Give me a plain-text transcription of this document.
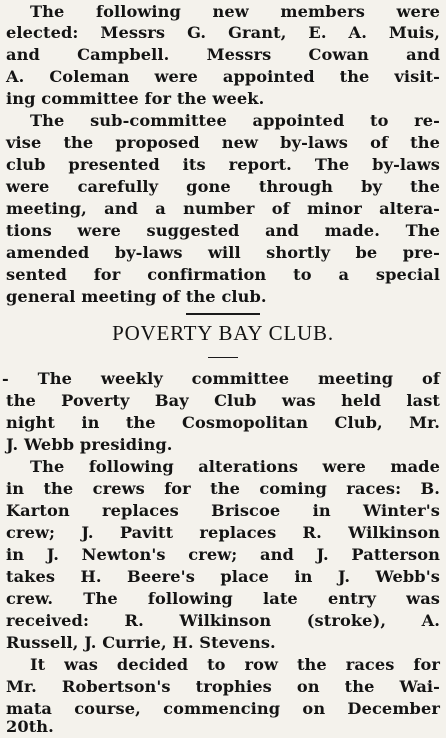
The following new members were
elected: Messrs G. Grant, E. A. Muis,
and Campbell. Messrs Cowan and
A. Coleman were appointed the visit-
ing committee for the week.
The sub-committee appointed to re-
vise the proposed new by-laws of the
club presented its report. The by-laws
were carefully gone through by the
meeting, and a number of minor altera-
tions were suggested and made. The
amended by-laws will shortly be pre-
sented for confirmation to a special
general meeting of the club.
POVERTY BAY CLUB.
- The weekly committee meeting of
the Poverty Bay Club was held last
night in the Cosmopolitan Club, Mr.
J. Webb presiding.
The following alterations were made
in the crews for the coming races: B.
Karton replaces Briscoe in Winter's
crew; J. Pavitt replaces R. Wilkinson
in J. Newton's crew; and J. Patterson
takes H. Beere's place in J. Webb's
crew. The following late entry was
received: R. Wilkinson (stroke), A.
Russell, J. Currie, H. Stevens.
It was decided to row the races for
Mr. Robertson's trophies on the Wai-
mata course, commencing on December
20th.
